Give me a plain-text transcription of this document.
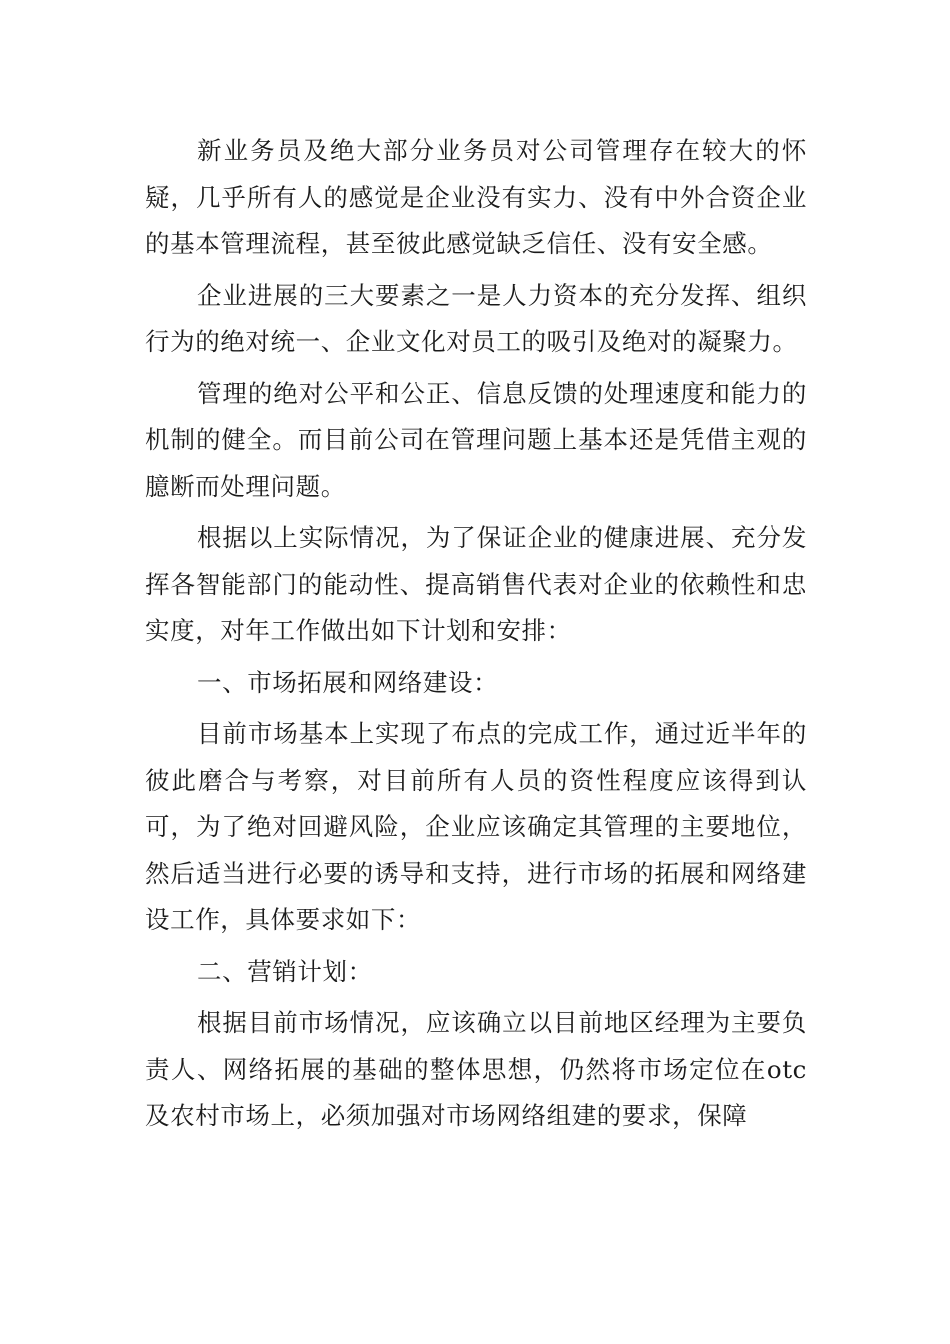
新业务员及绝大部分业务员对公司管理存在较大的怀疑，几乎所有人的感觉是企业没有实力、没有中外合资企业的基本管理流程，甚至彼此感觉缺乏信任、没有安全感。

企业进展的三大要素之一是人力资本的充分发挥、组织行为的绝对统一、企业文化对员工的吸引及绝对的凝聚力。

管理的绝对公平和公正、信息反馈的处理速度和能力的机制的健全。而目前公司在管理问题上基本还是凭借主观的臆断而处理问题。

根据以上实际情况，为了保证企业的健康进展、充分发挥各智能部门的能动性、提高销售代表对企业的依赖性和忠实度，对年工作做出如下计划和安排：

一、市场拓展和网络建设：

目前市场基本上实现了布点的完成工作，通过近半年的彼此磨合与考察，对目前所有人员的资性程度应该得到认可，为了绝对回避风险，企业应该确定其管理的主要地位，然后适当进行必要的诱导和支持，进行市场的拓展和网络建设工作，具体要求如下：

二、营销计划：

根据目前市场情况，应该确立以目前地区经理为主要负责人、网络拓展的基础的整体思想，仍然将市场定位在otc及农村市场上，必须加强对市场网络组建的要求，保障
